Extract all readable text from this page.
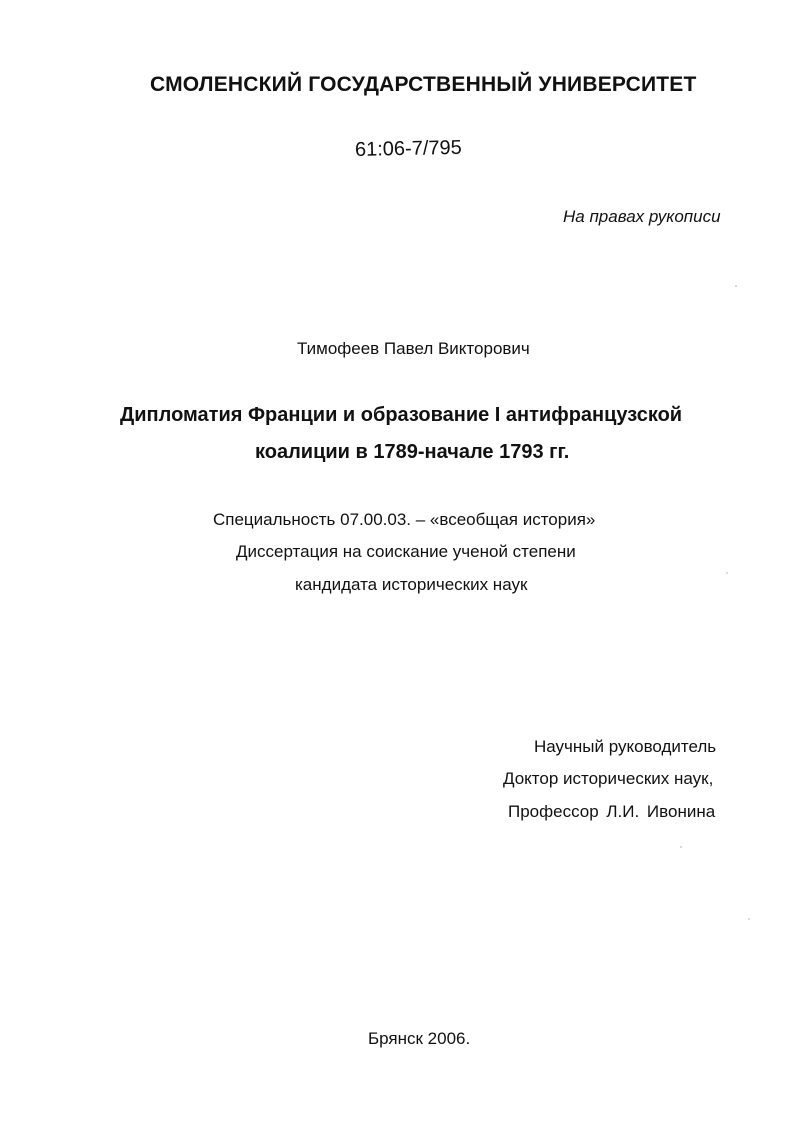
СМОЛЕНСКИЙ ГОСУДАРСТВЕННЫЙ УНИВЕРСИТЕТ
61:06-7/795
На правах рукописи
Тимофеев Павел Викторович
Дипломатия Франции и образование I антифранцузской
коалиции в 1789-начале 1793 гг.
Специальность 07.00.03. – «всеобщая история»
Диссертация на соискание ученой степени
кандидата исторических наук
Научный руководитель
Доктор исторических наук,
Профессор Л.И. Ивонина
Брянск 2006.
